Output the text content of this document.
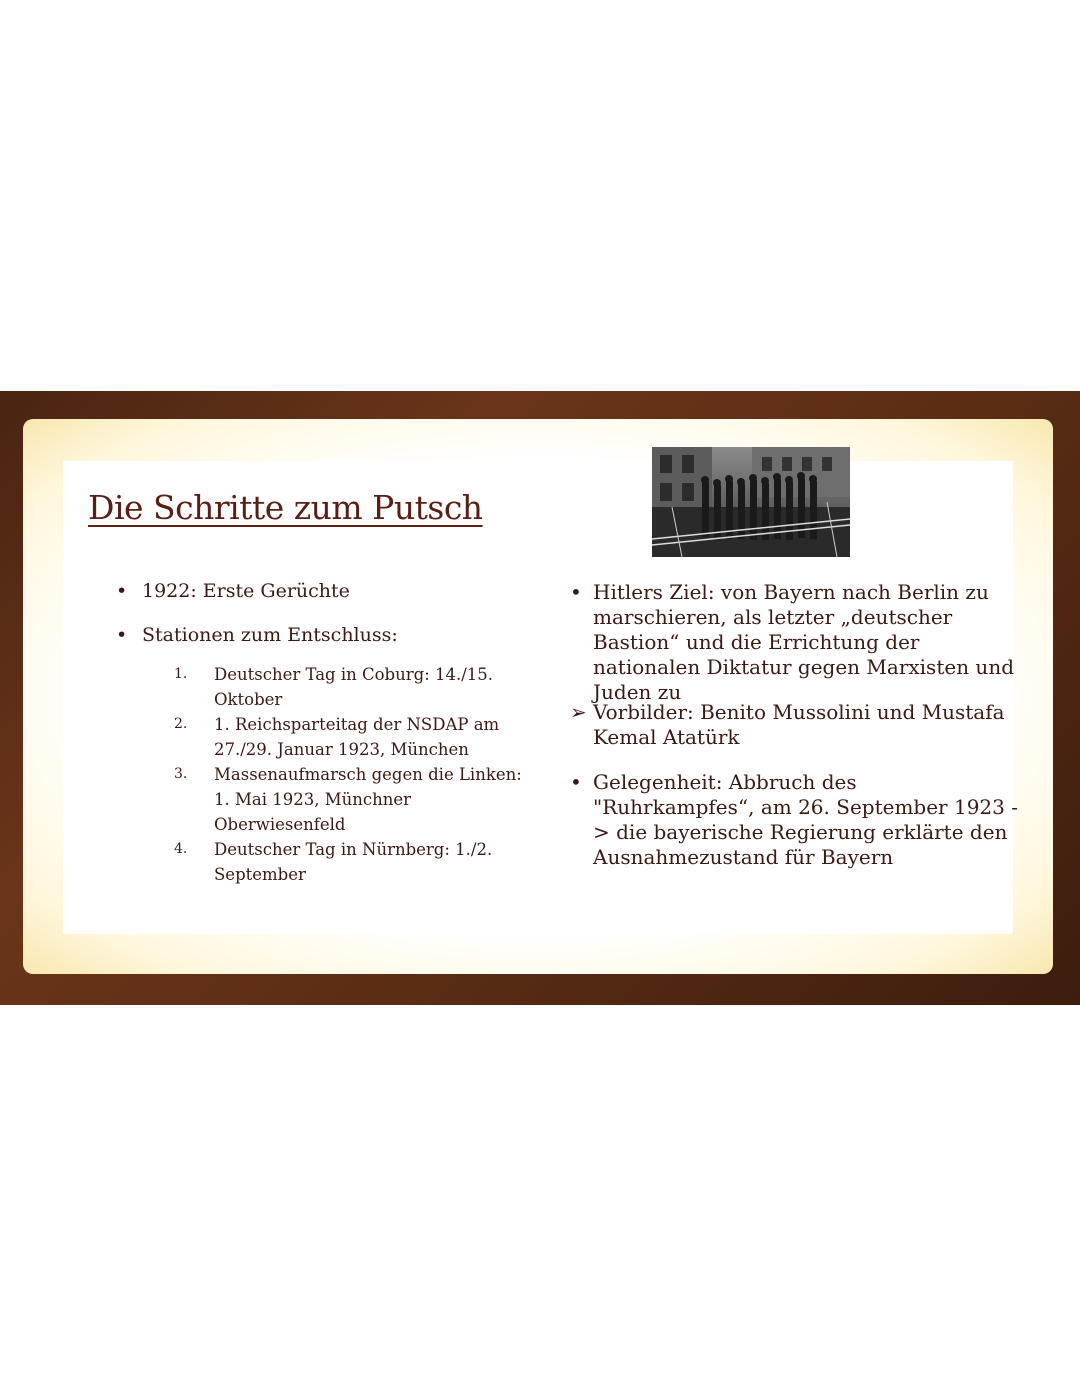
Die Schritte zum Putsch
• 1922: Erste Gerüchte
• Stationen zum Entschluss:
1. Deutscher Tag in Coburg: 14./15. Oktober
2. 1. Reichsparteitag der NSDAP am 27./29. Januar 1923, München
3. Massenaufmarsch gegen die Linken: 1. Mai 1923, Münchner Oberwiesenfeld
4. Deutscher Tag in Nürnberg: 1./2. September
• Hitlers Ziel: von Bayern nach Berlin zu marschieren, als letzter „deutscher Bastion“ und die Errichtung der nationalen Diktatur gegen Marxisten und Juden zu
➢ Vorbilder: Benito Mussolini und Mustafa Kemal Atatürk
• Gelegenheit: Abbruch des "Ruhrkampfes“, am 26. September 1923 -> die bayerische Regierung erklärte den Ausnahmezustand für Bayern
